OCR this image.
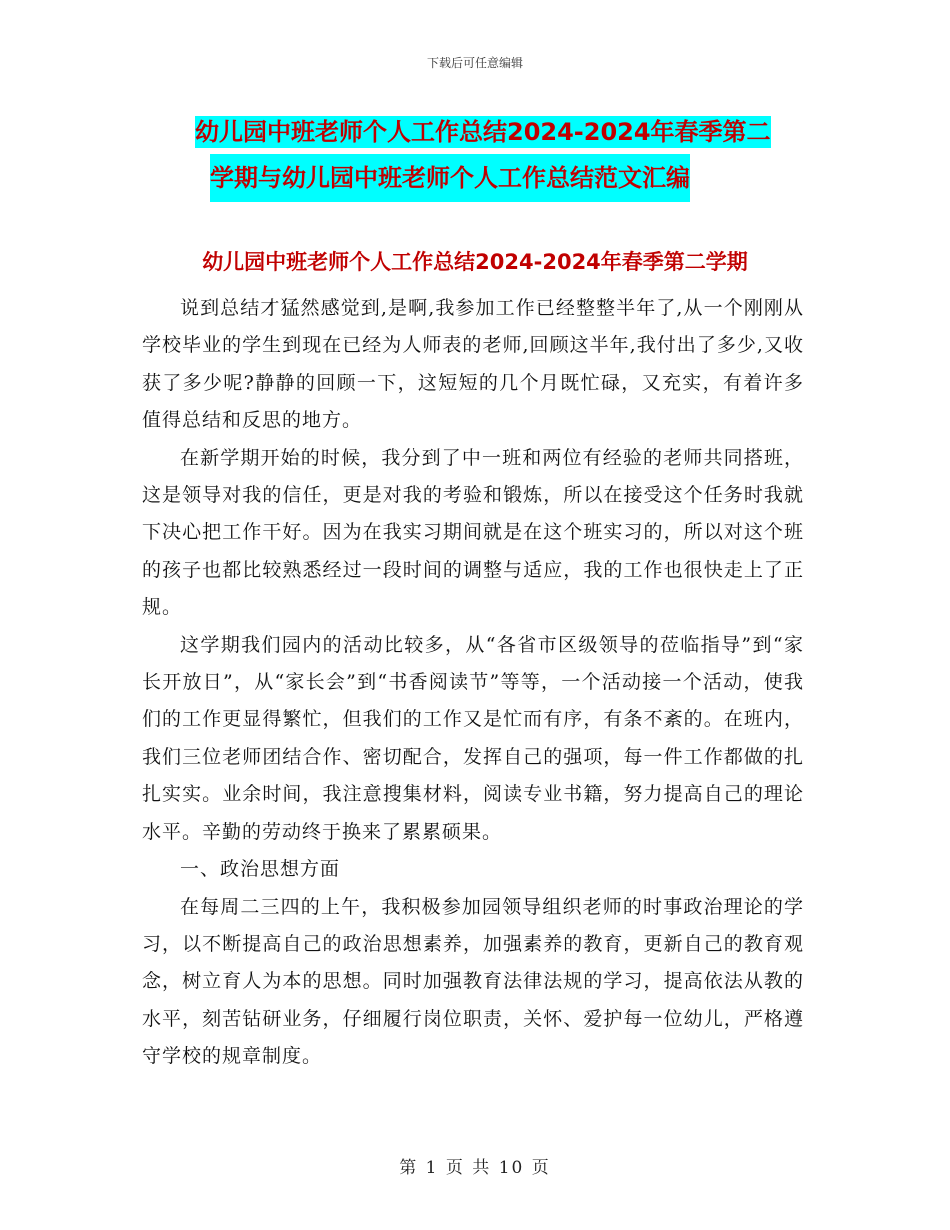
下载后可任意编辑
幼儿园中班老师个人工作总结2024-2024年春季第二
学期与幼儿园中班老师个人工作总结范文汇编
幼儿园中班老师个人工作总结2024-2024年春季第二学期

说到总结才猛然感觉到,是啊,我参加工作已经整整半年了,从一个刚刚从学校毕业的学生到现在已经为人师表的老师,回顾这半年,我付出了多少,又收获了多少呢?静静的回顾一下，这短短的几个月既忙碌，又充实，有着许多值得总结和反思的地方。

在新学期开始的时候，我分到了中一班和两位有经验的老师共同搭班，这是领导对我的信任，更是对我的考验和锻炼，所以在接受这个任务时我就下决心把工作干好。因为在我实习期间就是在这个班实习的，所以对这个班的孩子也都比较熟悉经过一段时间的调整与适应，我的工作也很快走上了正规。

这学期我们园内的活动比较多，从“各省市区级领导的莅临指导”到“家长开放日”，从“家长会”到“书香阅读节”等等，一个活动接一个活动，使我们的工作更显得繁忙，但我们的工作又是忙而有序，有条不紊的。在班内，我们三位老师团结合作、密切配合，发挥自己的强项，每一件工作都做的扎扎实实。业余时间，我注意搜集材料，阅读专业书籍，努力提高自己的理论水平。辛勤的劳动终于换来了累累硕果。

一、政治思想方面

在每周二三四的上午，我积极参加园领导组织老师的时事政治理论的学习，以不断提高自己的政治思想素养，加强素养的教育，更新自己的教育观念，树立育人为本的思想。同时加强教育法律法规的学习，提高依法从教的水平，刻苦钻研业务，仔细履行岗位职责，关怀、爱护每一位幼儿，严格遵守学校的规章制度。

第 1 页 共 10 页
